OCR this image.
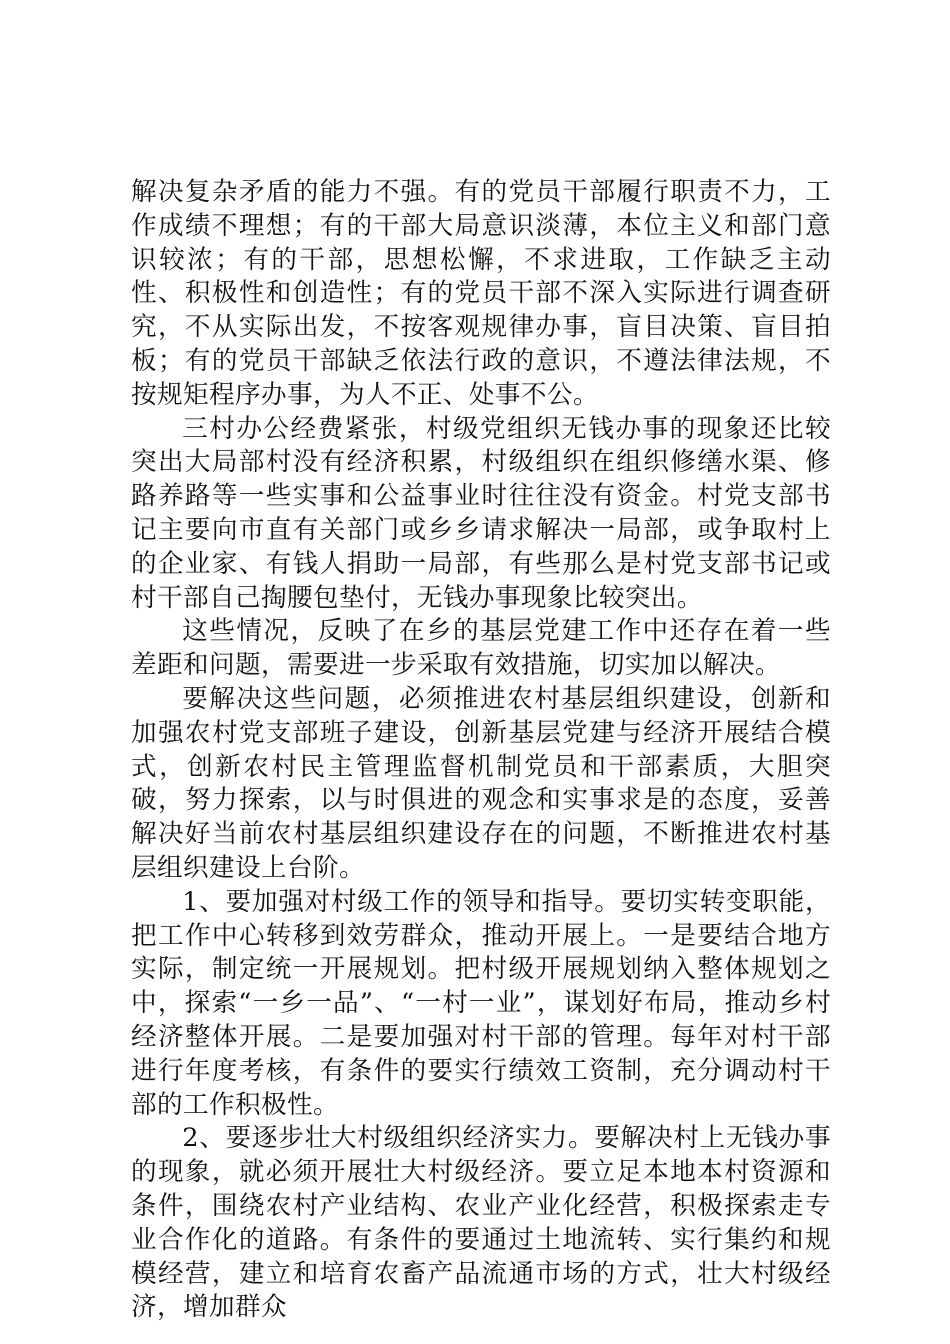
解决复杂矛盾的能力不强。有的党员干部履行职责不力，工作成绩不理想；有的干部大局意识淡薄，本位主义和部门意识较浓；有的干部，思想松懈，不求进取，工作缺乏主动性、积极性和创造性；有的党员干部不深入实际进行调查研究，不从实际出发，不按客观规律办事，盲目决策、盲目拍板；有的党员干部缺乏依法行政的意识，不遵法律法规，不按规矩程序办事，为人不正、处事不公。

三村办公经费紧张，村级党组织无钱办事的现象还比较突出大局部村没有经济积累，村级组织在组织修缮水渠、修路养路等一些实事和公益事业时往往没有资金。村党支部书记主要向市直有关部门或乡乡请求解决一局部，或争取村上的企业家、有钱人捐助一局部，有些那么是村党支部书记或村干部自己掏腰包垫付，无钱办事现象比较突出。

这些情况，反映了在乡的基层党建工作中还存在着一些差距和问题，需要进一步采取有效措施，切实加以解决。

要解决这些问题，必须推进农村基层组织建设，创新和加强农村党支部班子建设，创新基层党建与经济开展结合模式，创新农村民主管理监督机制党员和干部素质，大胆突破，努力探索，以与时俱进的观念和实事求是的态度，妥善解决好当前农村基层组织建设存在的问题，不断推进农村基层组织建设上台阶。

1、要加强对村级工作的领导和指导。要切实转变职能，把工作中心转移到效劳群众，推动开展上。一是要结合地方实际，制定统一开展规划。把村级开展规划纳入整体规划之中，探索“一乡一品”、“一村一业”，谋划好布局，推动乡村经济整体开展。二是要加强对村干部的管理。每年对村干部进行年度考核，有条件的要实行绩效工资制，充分调动村干部的工作积极性。

2、要逐步壮大村级组织经济实力。要解决村上无钱办事的现象，就必须开展壮大村级经济。要立足本地本村资源和条件，围绕农村产业结构、农业产业化经营，积极探索走专业合作化的道路。有条件的要通过土地流转、实行集约和规模经营，建立和培育农畜产品流通市场的方式，壮大村级经济，增加群众
